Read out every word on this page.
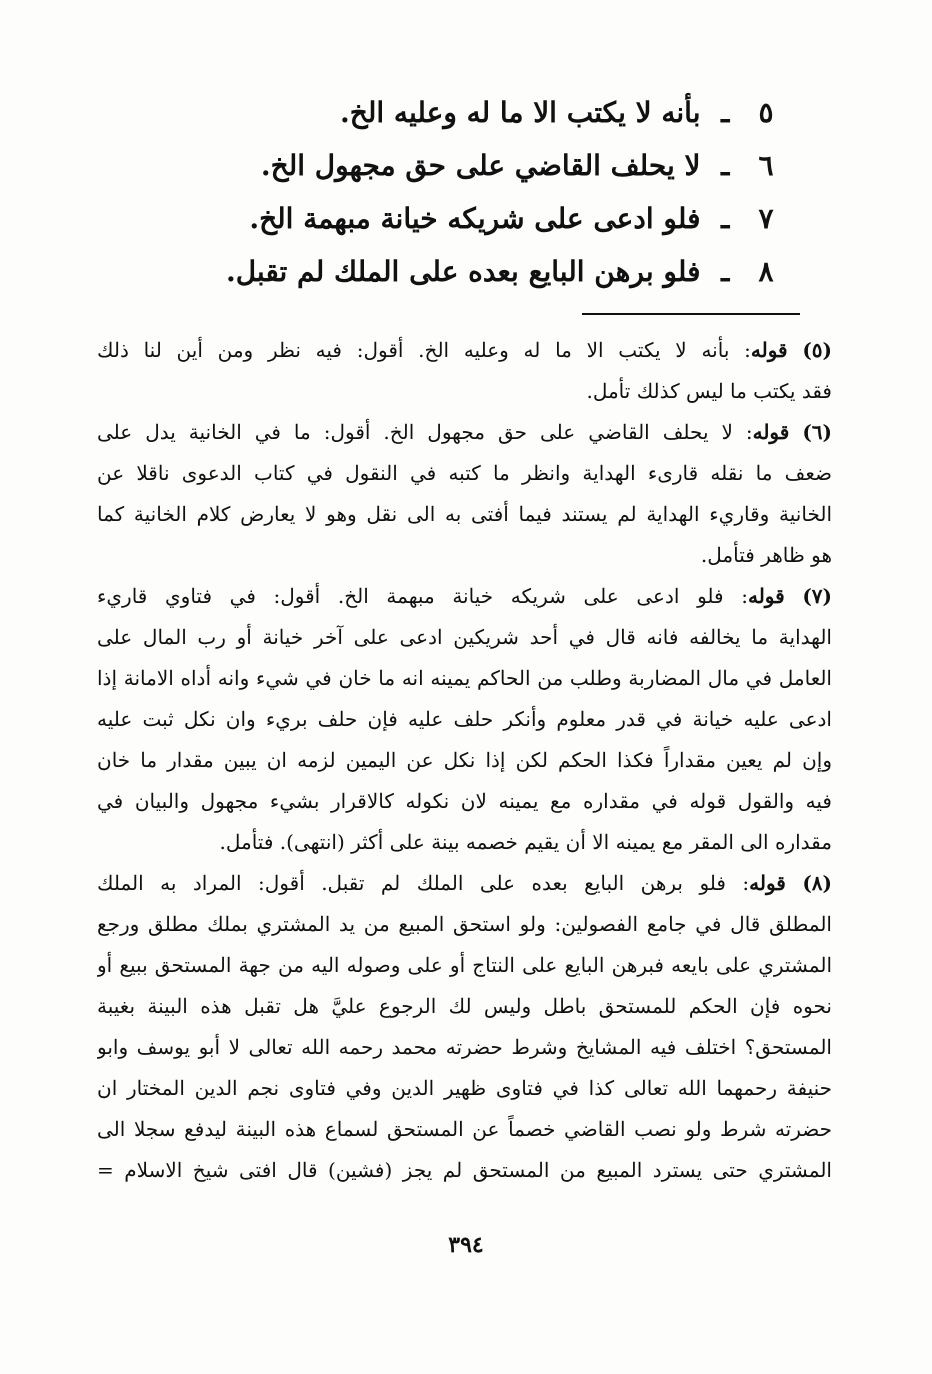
٥ ـ بأنه لا يكتب الا ما له وعليه الخ.
٦ ـ لا يحلف القاضي على حق مجهول الخ.
٧ ـ فلو ادعى على شريكه خيانة مبهمة الخ.
٨ ـ فلو برهن البايع بعده على الملك لم تقبل.
(٥) قوله: بأنه لا يكتب الا ما له وعليه الخ. أقول: فيه نظر ومن أين لنا ذلك
فقد يكتب ما ليس كذلك تأمل.
(٦) قوله: لا يحلف القاضي على حق مجهول الخ. أقول: ما في الخانية يدل على
ضعف ما نقله قارىء الهداية وانظر ما كتبه في النقول في كتاب الدعوى ناقلا عن
الخانية وقاريء الهداية لم يستند فيما أفتى به الى نقل وهو لا يعارض كلام الخانية كما
هو ظاهر فتأمل.
(٧) قوله: فلو ادعى على شريكه خيانة مبهمة الخ. أقول: في فتاوي قاريء
الهداية ما يخالفه فانه قال في أحد شريكين ادعى على آخر خيانة أو رب المال على
العامل في مال المضاربة وطلب من الحاكم يمينه انه ما خان في شيء وانه أداه الامانة إذا
ادعى عليه خيانة في قدر معلوم وأنكر حلف عليه فإن حلف بريء وان نكل ثبت عليه
وإن لم يعين مقداراً فكذا الحكم لكن إذا نكل عن اليمين لزمه ان يبين مقدار ما خان
فيه والقول قوله في مقداره مع يمينه لان نكوله كالاقرار بشيء مجهول والبيان في
مقداره الى المقر مع يمينه الا أن يقيم خصمه بينة على أكثر (انتهى). فتأمل.
(٨) قوله: فلو برهن البايع بعده على الملك لم تقبل. أقول: المراد به الملك
المطلق قال في جامع الفصولين: ولو استحق المبيع من يد المشتري بملك مطلق ورجع
المشتري على بايعه فبرهن البايع على النتاج أو على وصوله اليه من جهة المستحق ببيع أو
نحوه فإن الحكم للمستحق باطل وليس لك الرجوع عليَّ هل تقبل هذه البينة بغيبة
المستحق؟ اختلف فيه المشايخ وشرط حضرته محمد رحمه الله تعالى لا أبو يوسف وابو
حنيفة رحمهما الله تعالى كذا في فتاوى ظهير الدين وفي فتاوى نجم الدين المختار ان
حضرته شرط ولو نصب القاضي خصماً عن المستحق لسماع هذه البينة ليدفع سجلا الى
المشتري حتى يسترد المبيع من المستحق لم يجز (فشين) قال افتى شيخ الاسلام =
٣٩٤
